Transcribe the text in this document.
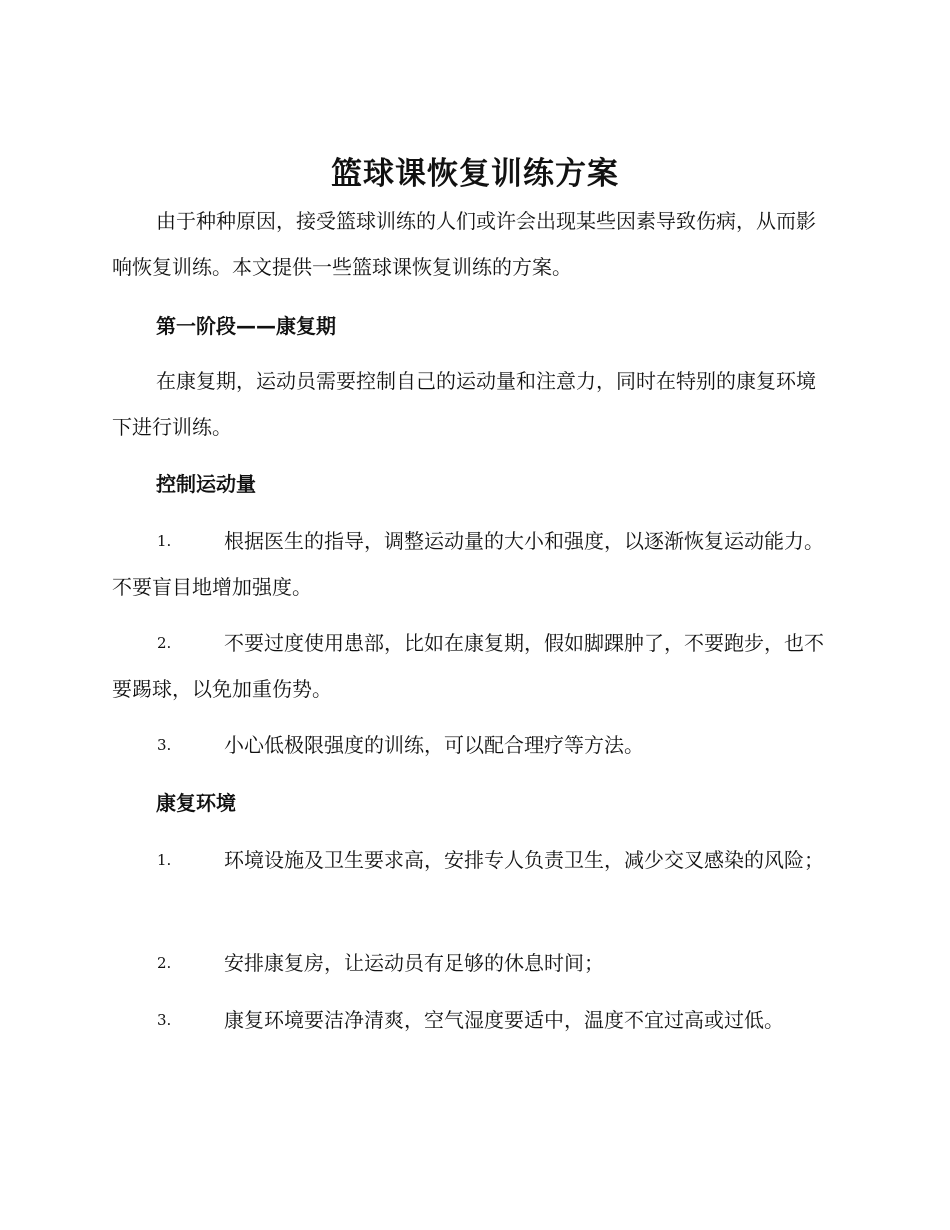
篮球课恢复训练方案

由于种种原因，接受篮球训练的人们或许会出现某些因素导致伤病，从而影响恢复训练。本文提供一些篮球课恢复训练的方案。

第一阶段——康复期

在康复期，运动员需要控制自己的运动量和注意力，同时在特别的康复环境下进行训练。

控制运动量
1.	根据医生的指导，调整运动量的大小和强度，以逐渐恢复运动能力。不要盲目地增加强度。
2.	不要过度使用患部，比如在康复期，假如脚踝肿了，不要跑步，也不要踢球，以免加重伤势。
3.	小心低极限强度的训练，可以配合理疗等方法。
康复环境
1.	环境设施及卫生要求高，安排专人负责卫生，减少交叉感染的风险；
2.	安排康复房，让运动员有足够的休息时间；
3.	康复环境要洁净清爽，空气湿度要适中，温度不宜过高或过低。
